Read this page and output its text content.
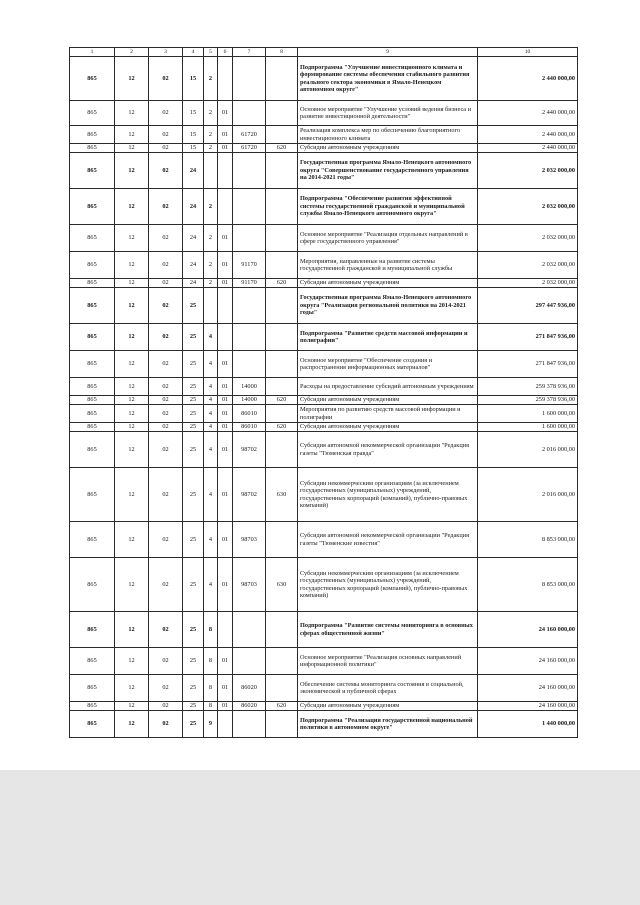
1	2	3	4	5	6	7	8	9	10
865	12	02	15	2				Подпрограмма "Улучшение инвестиционного климата и формирование системы обеспечения стабильного развития реального сектора экономики в Ямало-Ненецком автономном округе"	2 440 000,00
865	12	02	15	2	01			Основное мероприятие "Улучшение условий ведения бизнеса и развитие инвестиционной деятельности"	2 440 000,00
865	12	02	15	2	01	61720		Реализация комплекса мер по обеспечению благоприятного инвестиционного климата	2 440 000,00
865	12	02	15	2	01	61720	620	Субсидии автономным учреждениям	2 440 000,00
865	12	02	24					Государственная программа Ямало-Ненецкого автономного округа "Совершенствование государственного управления на 2014-2021 годы"	2 032 000,00
865	12	02	24	2				Подпрограмма "Обеспечение развития эффективной системы государственной гражданской и муниципальной службы Ямало-Ненецкого автономного округа"	2 032 000,00
865	12	02	24	2	01			Основное мероприятие "Реализация отдельных направлений в сфере государственного управления"	2 032 000,00
865	12	02	24	2	01	91170		Мероприятия, направленные на развитие системы государственной гражданской и муниципальной службы	2 032 000,00
865	12	02	24	2	01	91170	620	Субсидии автономным учреждениям	2 032 000,00
865	12	02	25					Государственная программа Ямало-Ненецкого автономного округа "Реализация региональной политики на 2014-2021 годы"	297 447 936,00
865	12	02	25	4				Подпрограмма "Развитие средств массовой информации и полиграфии"	271 847 936,00
865	12	02	25	4	01			Основное мероприятие "Обеспечение создания и распространения информационных материалов"	271 847 936,00
865	12	02	25	4	01	14000		Расходы на предоставление субсидий автономным учреждениям	259 378 936,00
865	12	02	25	4	01	14000	620	Субсидии автономным учреждениям	259 378 936,00
865	12	02	25	4	01	86010		Мероприятия по развитию средств массовой информации и полиграфии	1 600 000,00
865	12	02	25	4	01	86010	620	Субсидии автономным учреждениям	1 600 000,00
865	12	02	25	4	01	98702		Субсидия автономной некоммерческой организации "Редакция газеты "Тюменская правда"	2 016 000,00
865	12	02	25	4	01	98702	630	Субсидии некоммерческим организациям (за исключением государственных (муниципальных) учреждений, государственных корпораций (компаний), публично-правовых компаний)	2 016 000,00
865	12	02	25	4	01	98703		Субсидия автономной некоммерческой организации "Редакция газеты "Тюменские известия"	8 853 000,00
865	12	02	25	4	01	98703	630	Субсидии некоммерческим организациям (за исключением государственных (муниципальных) учреждений, государственных корпораций (компаний), публично-правовых компаний)	8 853 000,00
865	12	02	25	8				Подпрограмма "Развитие системы мониторинга в основных сферах общественной жизни"	24 160 000,00
865	12	02	25	8	01			Основное мероприятие "Реализация основных направлений информационной политики"	24 160 000,00
865	12	02	25	8	01	86020		Обеспечение системы мониторинга состояния в социальной, экономической и публичной сферах	24 160 000,00
865	12	02	25	8	01	86020	620	Субсидии автономным учреждениям	24 160 000,00
865	12	02	25	9				Подпрограмма "Реализация государственной национальной политики в автономном округе"	1 440 000,00
